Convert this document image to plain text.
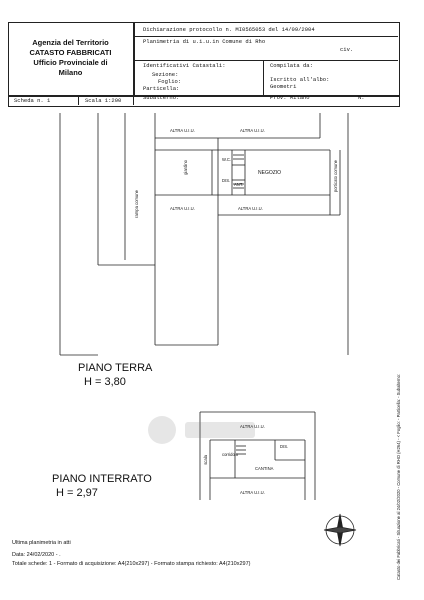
Agenzia del Territorio
CATASTO FABBRICATI
Ufficio Provinciale di
Milano
Dichiarazione protocollo n. MI0565053 del 14/09/2004
Planimetria di u.i.u.in Comune di Rho
civ.
Identificativi Catastali:
Sezione:
Foglio:
Particella:
Subalterno:
Compilata da:
Iscritto all'albo:
Geometri
Prov. Milano	N.
Scheda n. 1	Scala 1:200
ALTRA U.I.U.	ALTRA U.I.U.
NEGOZIO
W.C.
DIS.
ANT.
giardino	porticato comune
rampa comune	ALTRA U.I.U.	ALTRA U.I.U.
ALTRA U.I.U.
CANTINA
scala
corridoio
DIS.
ALTRA U.I.U.
PIANO TERRA
H = 3,80
PIANO INTERRATO
H = 2,97	Catasto dei Fabbricati - Situazione al 24/02/2020 - Comune di RHO (H264) - < Foglio: - Particella: - Subalterno:
Ultima planimetria in atti
Data: 24/02/2020 - .
Totale schede: 1 - Formato di acquisizione: A4(210x297) - Formato stampa richiesto: A4(210x297)
